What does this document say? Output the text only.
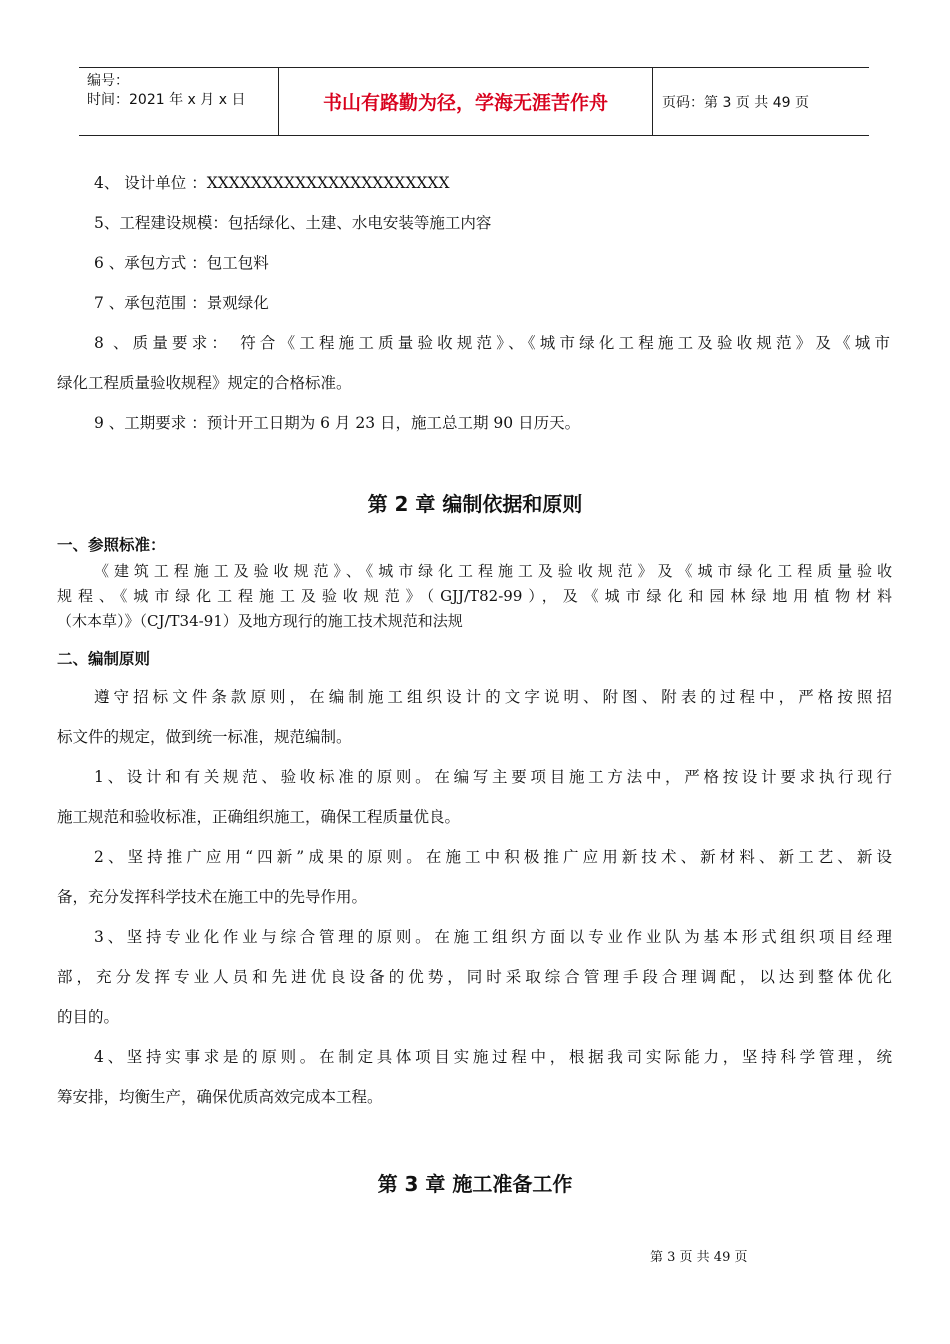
编号：
时间：2021 年 x 月 x 日	书山有路勤为径，学海无涯苦作舟	页码：第 3 页 共 49 页
4、 设计单位 ：XXXXXXXXXXXXXXXXXXXXXX
5、工程建设规模：包括绿化、土建、水电安装等施工内容
6 、承包方式 ：包工包料
7 、承包范围 ：景观绿化
8 、质量要求： 符合《工程施工质量验收规范》、《城市绿化工程施工及验收规范》及《城市
绿化工程质量验收规程》规定的合格标准。
9 、工期要求 ：预计开工日期为 6 月 23 日，施工总工期 90 日历天。
第 2 章 编制依据和原则
一、参照标准：
《建筑工程施工及验收规范》、《城市绿化工程施工及验收规范》及《城市绿化工程质量验收
规程、《城市绿化工程施工及验收规范》（GJJ/T82-99），及《城市绿化和园林绿地用植物材料
（木本草）》（CJ/T34-91）及地方现行的施工技术规范和法规
二、编制原则
遵守招标文件条款原则，在编制施工组织设计的文字说明、附图、附表的过程中，严格按照招
标文件的规定，做到统一标准，规范编制。
1、设计和有关规范、验收标准的原则。在编写主要项目施工方法中，严格按设计要求执行现行
施工规范和验收标准，正确组织施工，确保工程质量优良。
2、坚持推广应用“四新”成果的原则。在施工中积极推广应用新技术、新材料、新工艺、新设
备，充分发挥科学技术在施工中的先导作用。
3、坚持专业化作业与综合管理的原则。在施工组织方面以专业作业队为基本形式组织项目经理
部，充分发挥专业人员和先进优良设备的优势，同时采取综合管理手段合理调配，以达到整体优化
的目的。
4、坚持实事求是的原则。在制定具体项目实施过程中，根据我司实际能力，坚持科学管理，统
筹安排，均衡生产，确保优质高效完成本工程。
第 3 章 施工准备工作
第 3 页 共 49 页
